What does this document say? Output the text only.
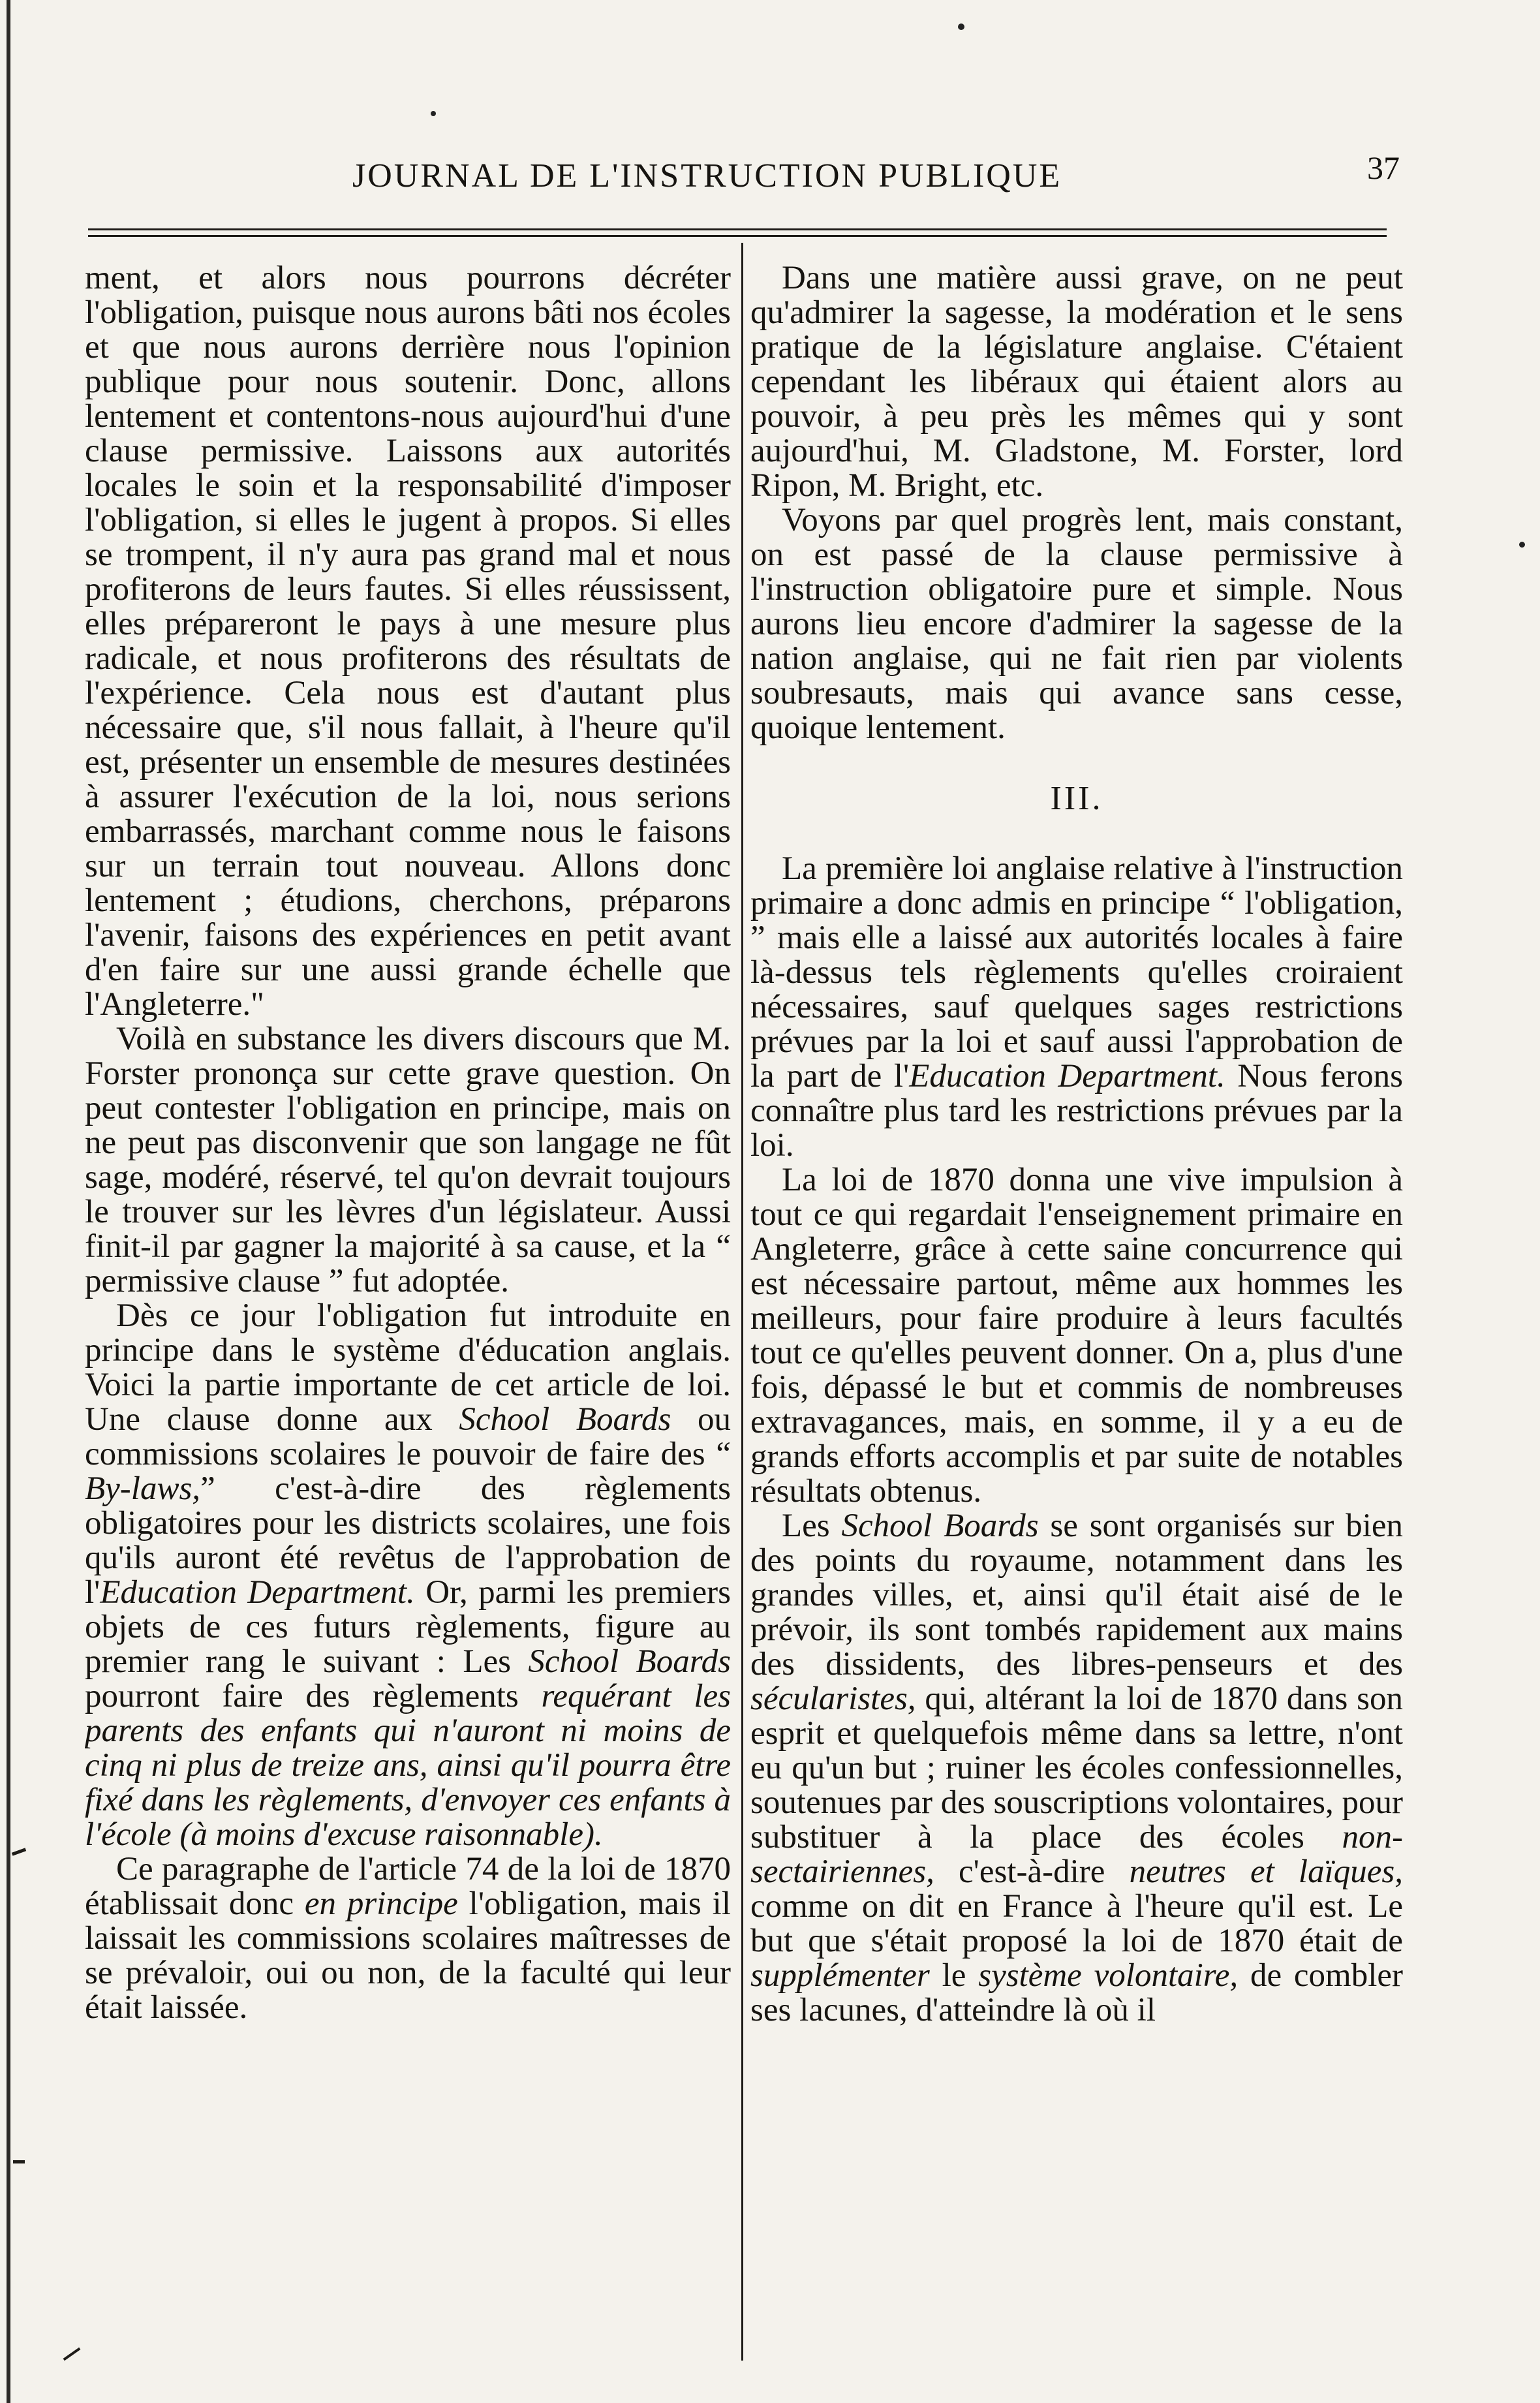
JOURNAL DE L'INSTRUCTION PUBLIQUE	37

ment, et alors nous pourrons décréter l'obligation, puisque nous aurons bâti nos écoles et que nous aurons derrière nous l'opinion publique pour nous soutenir. Donc, allons lentement et contentons-nous aujourd'hui d'une clause permissive. Laissons aux autorités locales le soin et la responsabilité d'imposer l'obligation, si elles le jugent à propos. Si elles se trompent, il n'y aura pas grand mal et nous profiterons de leurs fautes. Si elles réussissent, elles prépareront le pays à une mesure plus radicale, et nous profiterons des résultats de l'expérience. Cela nous est d'autant plus nécessaire que, s'il nous fallait, à l'heure qu'il est, présenter un ensemble de mesures destinées à assurer l'exécution de la loi, nous serions embarrassés, marchant comme nous le faisons sur un terrain tout nouveau. Allons donc lentement ; étudions, cherchons, préparons l'avenir, faisons des expériences en petit avant d'en faire sur une aussi grande échelle que l'Angleterre."

Voilà en substance les divers discours que M. Forster prononça sur cette grave question. On peut contester l'obligation en principe, mais on ne peut pas disconvenir que son langage ne fût sage, modéré, réservé, tel qu'on devrait toujours le trouver sur les lèvres d'un législateur. Aussi finit-il par gagner la majorité à sa cause, et la “ permissive clause ” fut adoptée.

Dès ce jour l'obligation fut introduite en principe dans le système d'éducation anglais. Voici la partie importante de cet article de loi. Une clause donne aux School Boards ou commissions scolaires le pouvoir de faire des “ By-laws,” c'est-à-dire des règlements obligatoires pour les districts scolaires, une fois qu'ils auront été revêtus de l'approbation de l'Education Department. Or, parmi les premiers objets de ces futurs règlements, figure au premier rang le suivant : Les School Boards pourront faire des règlements requérant les parents des enfants qui n'auront ni moins de cinq ni plus de treize ans, ainsi qu'il pourra être fixé dans les règlements, d'envoyer ces enfants à l'école (à moins d'excuse raisonnable).

Ce paragraphe de l'article 74 de la loi de 1870 établissait donc en principe l'obligation, mais il laissait les commissions scolaires maîtresses de se prévaloir, oui ou non, de la faculté qui leur était laissée.

Dans une matière aussi grave, on ne peut qu'admirer la sagesse, la modération et le sens pratique de la législature anglaise. C'étaient cependant les libéraux qui étaient alors au pouvoir, à peu près les mêmes qui y sont aujourd'hui, M. Gladstone, M. Forster, lord Ripon, M. Bright, etc.

Voyons par quel progrès lent, mais constant, on est passé de la clause permissive à l'instruction obligatoire pure et simple. Nous aurons lieu encore d'admirer la sagesse de la nation anglaise, qui ne fait rien par violents soubresauts, mais qui avance sans cesse, quoique lentement.

III.

La première loi anglaise relative à l'instruction primaire a donc admis en principe “ l'obligation, ” mais elle a laissé aux autorités locales à faire là-dessus tels règlements qu'elles croiraient nécessaires, sauf quelques sages restrictions prévues par la loi et sauf aussi l'approbation de la part de l'Education Department. Nous ferons connaître plus tard les restrictions prévues par la loi.

La loi de 1870 donna une vive impulsion à tout ce qui regardait l'enseignement primaire en Angleterre, grâce à cette saine concurrence qui est nécessaire partout, même aux hommes les meilleurs, pour faire produire à leurs facultés tout ce qu'elles peuvent donner. On a, plus d'une fois, dépassé le but et commis de nombreuses extravagances, mais, en somme, il y a eu de grands efforts accomplis et par suite de notables résultats obtenus.

Les School Boards se sont organisés sur bien des points du royaume, notamment dans les grandes villes, et, ainsi qu'il était aisé de le prévoir, ils sont tombés rapidement aux mains des dissidents, des libres-penseurs et des sécularistes, qui, altérant la loi de 1870 dans son esprit et quelquefois même dans sa lettre, n'ont eu qu'un but ; ruiner les écoles confessionnelles, soutenues par des souscriptions volontaires, pour substituer à la place des écoles non-sectairiennes, c'est-à-dire neutres et laïques, comme on dit en France à l'heure qu'il est. Le but que s'était proposé la loi de 1870 était de supplémenter le système volontaire, de combler ses lacunes, d'atteindre là où il
